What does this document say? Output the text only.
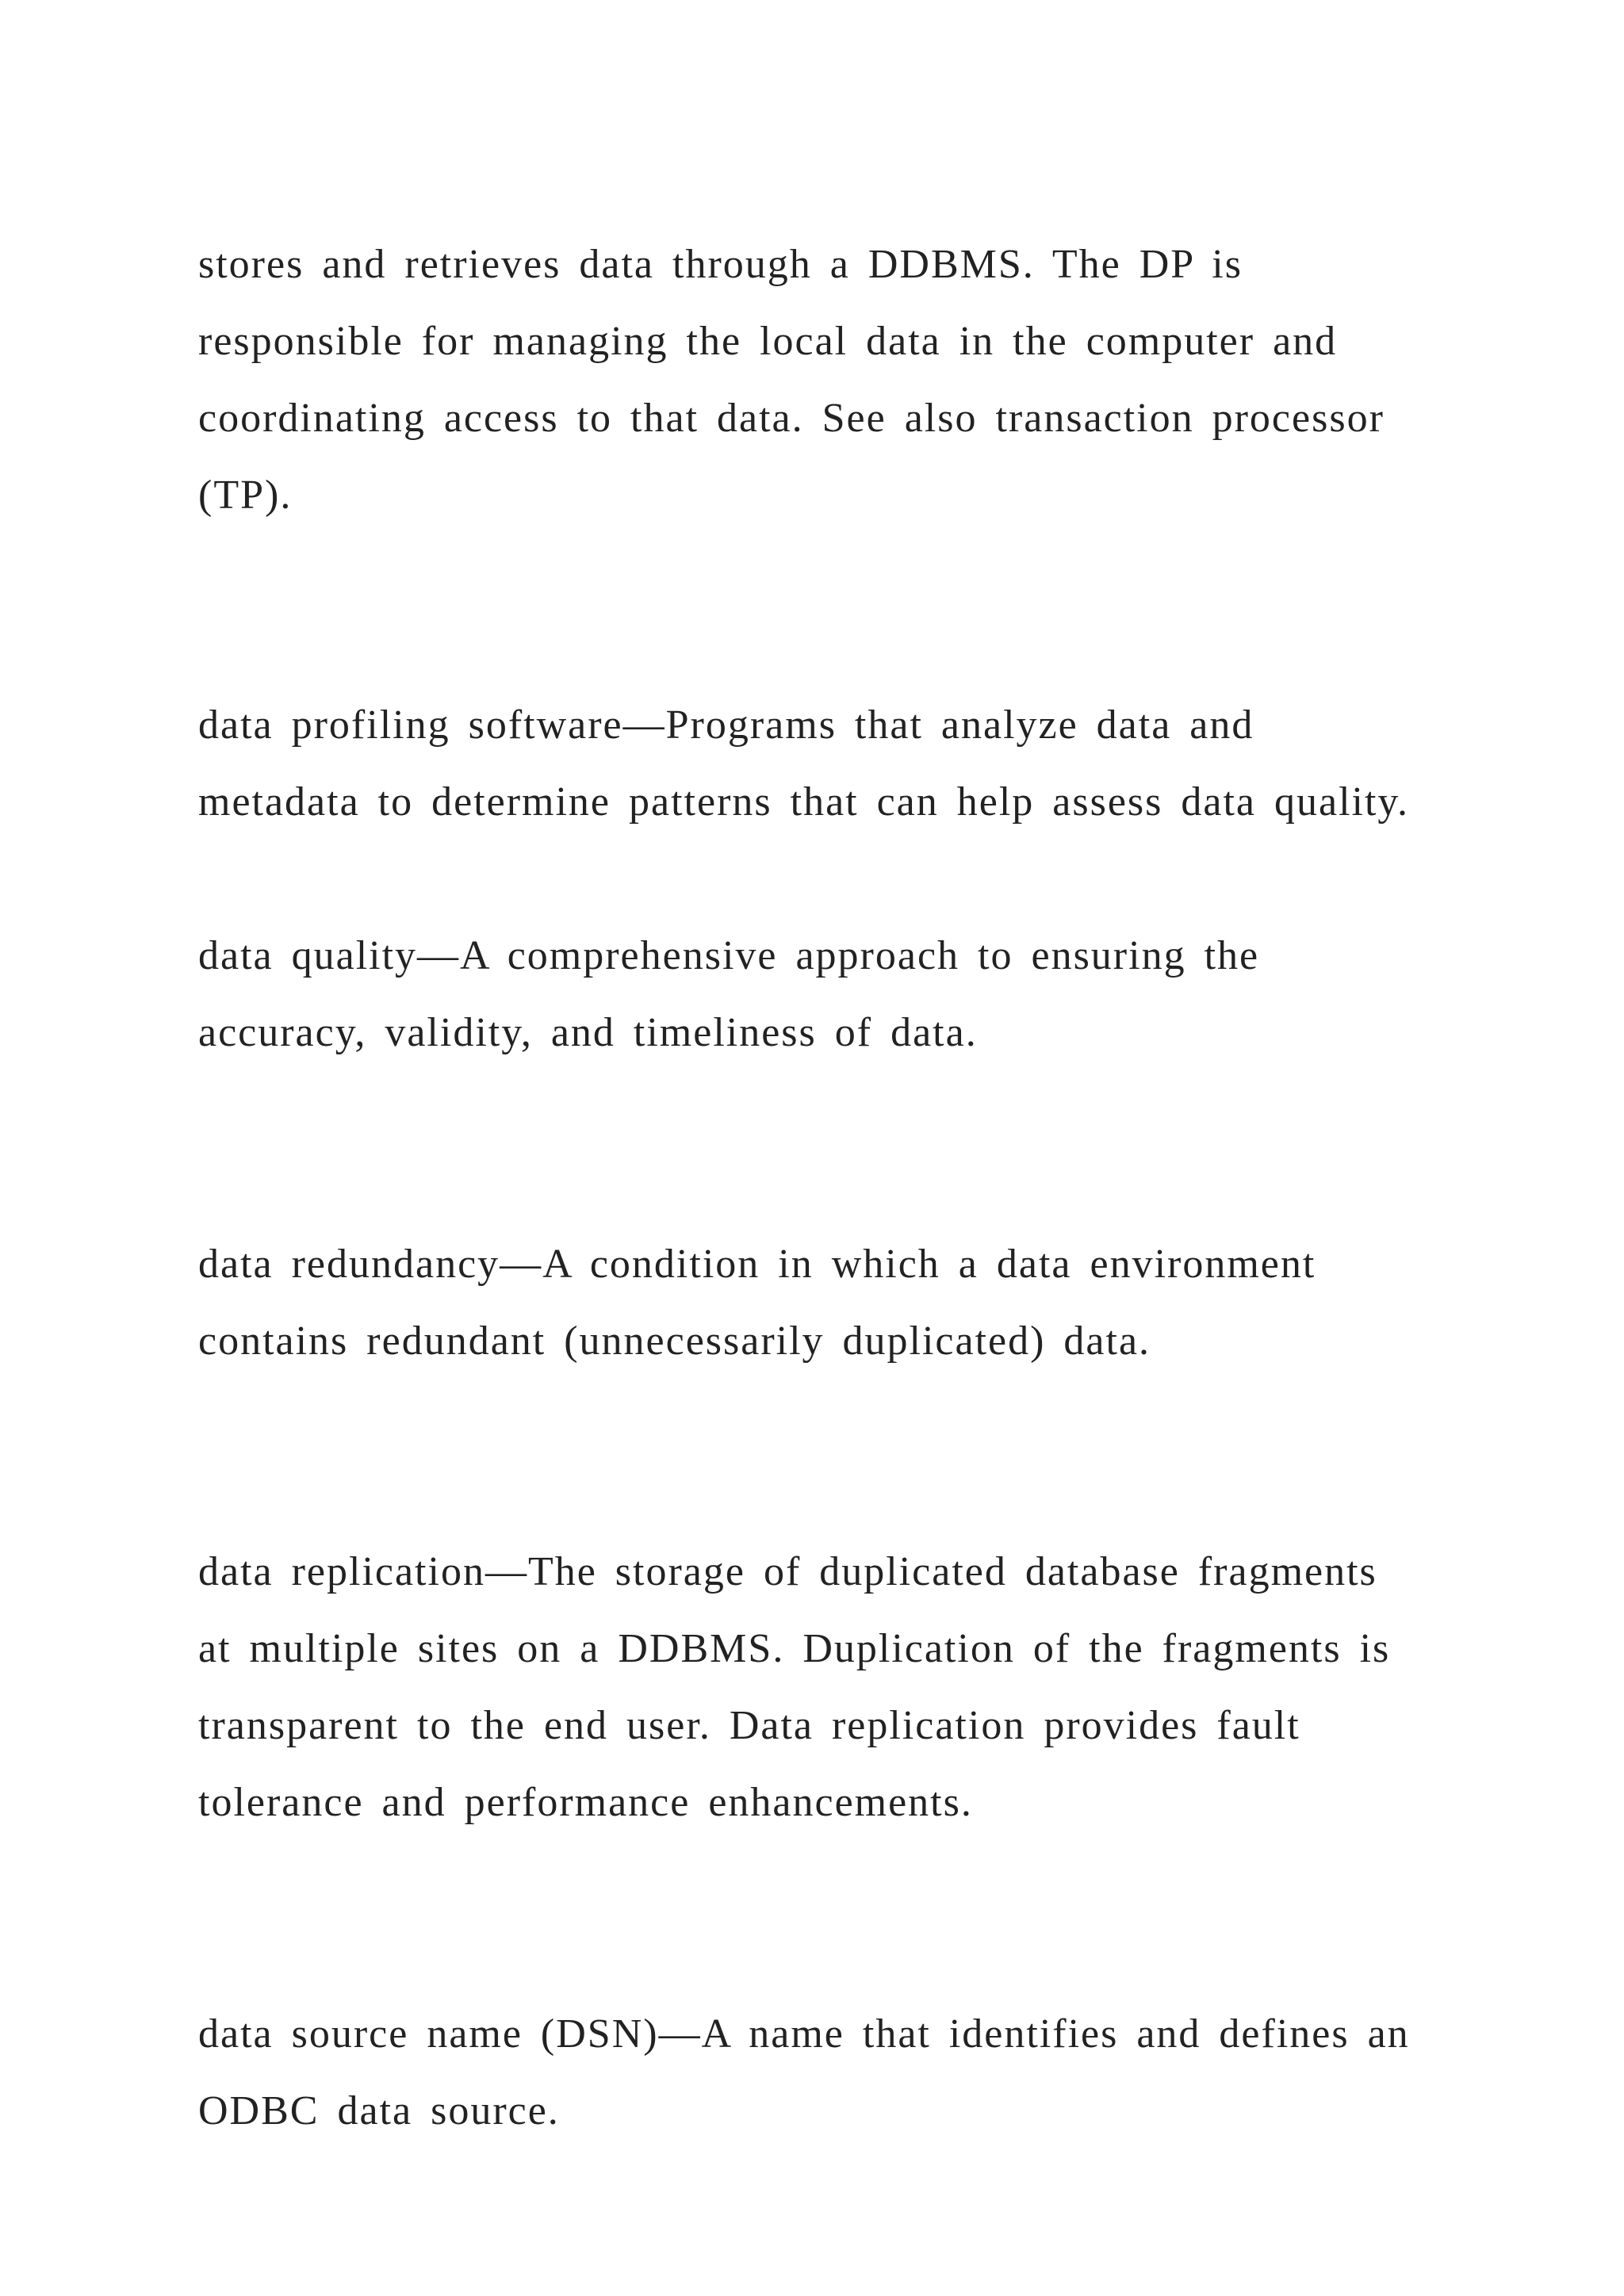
stores and retrieves data through a DDBMS. The DP is
responsible for managing the local data in the computer and
coordinating access to that data. See also transaction processor
(TP).

data profiling software—Programs that analyze data and
metadata to determine patterns that can help assess data quality.

data quality—A comprehensive approach to ensuring the
accuracy, validity, and timeliness of data.

data redundancy—A condition in which a data environment
contains redundant (unnecessarily duplicated) data.

data replication—The storage of duplicated database fragments
at multiple sites on a DDBMS. Duplication of the fragments is
transparent to the end user. Data replication provides fault
tolerance and performance enhancements.

data source name (DSN)—A name that identifies and defines an
ODBC data source.
